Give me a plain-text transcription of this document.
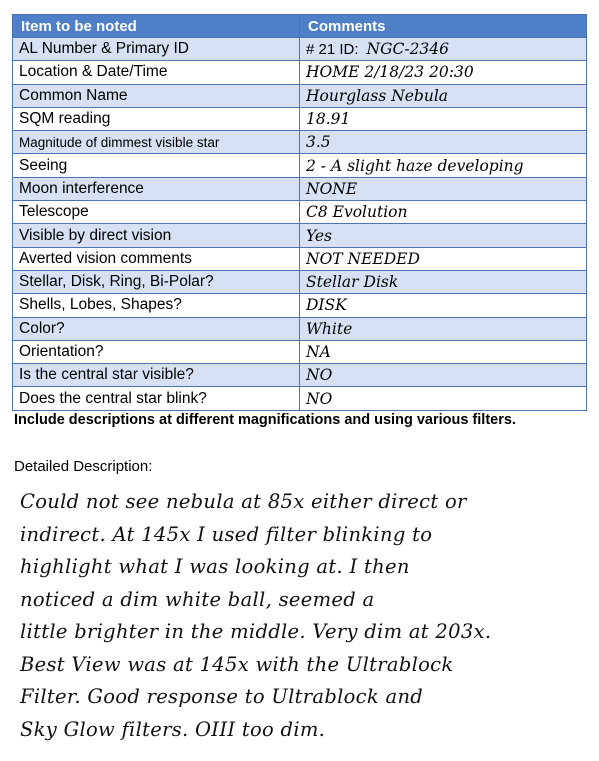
Item to be noted	Comments
AL Number & Primary ID	# 21 ID: NGC-2346
Location & Date/Time	HOME 2/18/23 20:30
Common Name	Hourglass Nebula
SQM reading	18.91
Magnitude of dimmest visible star	3.5
Seeing	2 - A slight haze developing
Moon interference	NONE
Telescope	C8 Evolution
Visible by direct vision	Yes
Averted vision comments	NOT NEEDED
Stellar, Disk, Ring, Bi-Polar?	Stellar Disk
Shells, Lobes, Shapes?	DISK
Color?	White
Orientation?	NA
Is the central star visible?	NO
Does the central star blink?	NO
Include descriptions at different magnifications and using various filters.
Detailed Description:
Could not see nebula at 85x either direct or
indirect. At 145x I used filter blinking to
highlight what I was looking at. I then
noticed a dim white ball, seemed a
little brighter in the middle. Very dim at 203x.
Best View was at 145x with the Ultrablock
Filter. Good response to Ultrablock and
Sky Glow filters. OIII too dim.
